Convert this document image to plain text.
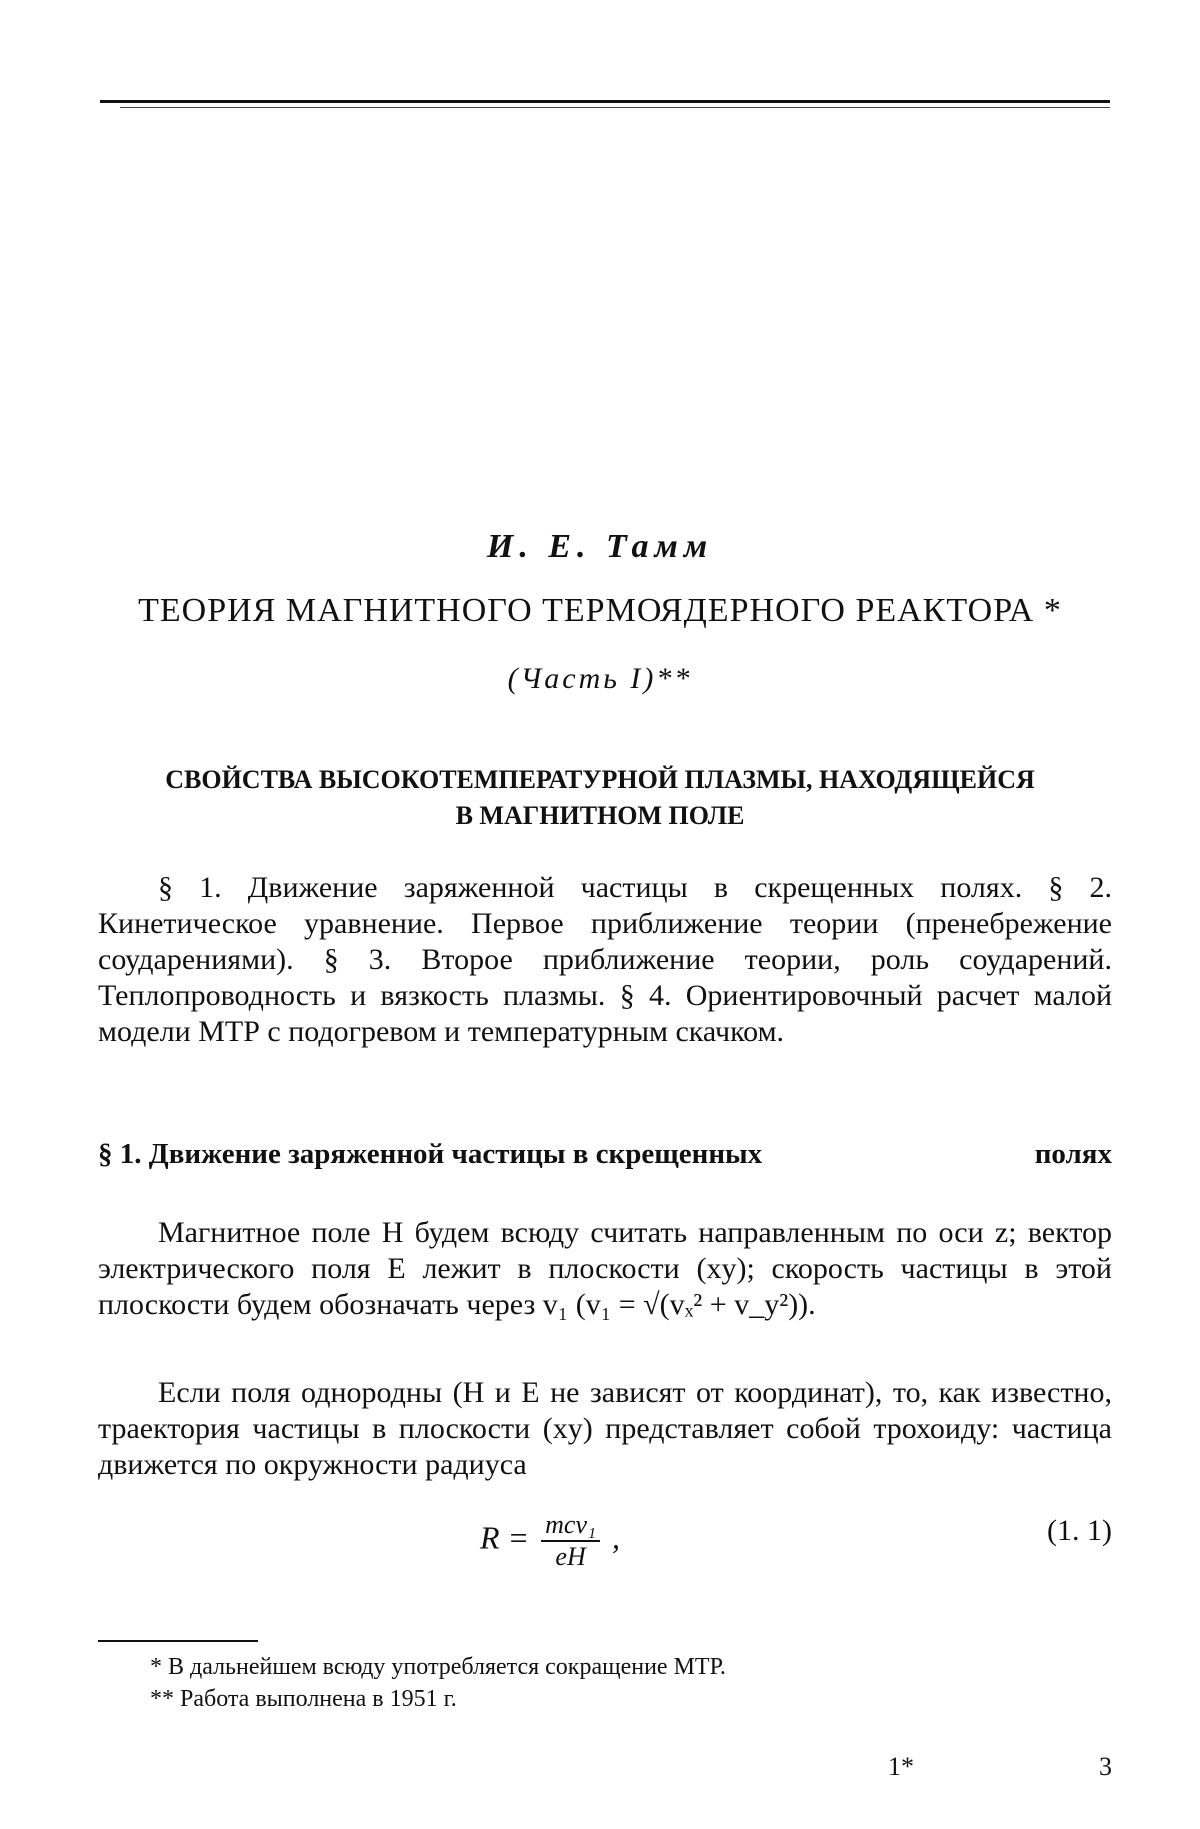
И. Е. Тамм
ТЕОРИЯ МАГНИТНОГО ТЕРМОЯДЕРНОГО РЕАКТОРА *
(Часть I)**
СВОЙСТВА ВЫСОКОТЕМПЕРАТУРНОЙ ПЛАЗМЫ, НАХОДЯЩЕЙСЯ
В МАГНИТНОМ ПОЛЕ
§ 1. Движение заряженной частицы в скрещенных полях. § 2. Кинетическое уравнение. Первое приближение теории (пренебрежение соударениями). § 3. Второе приближение теории, роль соударений. Теплопроводность и вязкость плазмы. § 4. Ориентировочный расчет малой модели МТР с подогревом и температурным скачком.
§ 1. Движение заряженной частицы в скрещенных	полях
Магнитное поле H будем всюду считать направленным по оси z; вектор электрического поля E лежит в плоскости (xy); скорость частицы в этой плоскости будем обозначать через v₁ (v₁ = √(vₓ² + v_y²)).
Если поля однородны (H и E не зависят от координат), то, как известно, траектория частицы в плоскости (xy) представляет собой трохоиду: частица движется по окружности радиуса
$R = \frac{\text{mcv₁}}{eH}$ ,	(1. 1)
* В дальнейшем всюду употребляется сокращение МТР.
** Работа выполнена в 1951 г.
1*	3
